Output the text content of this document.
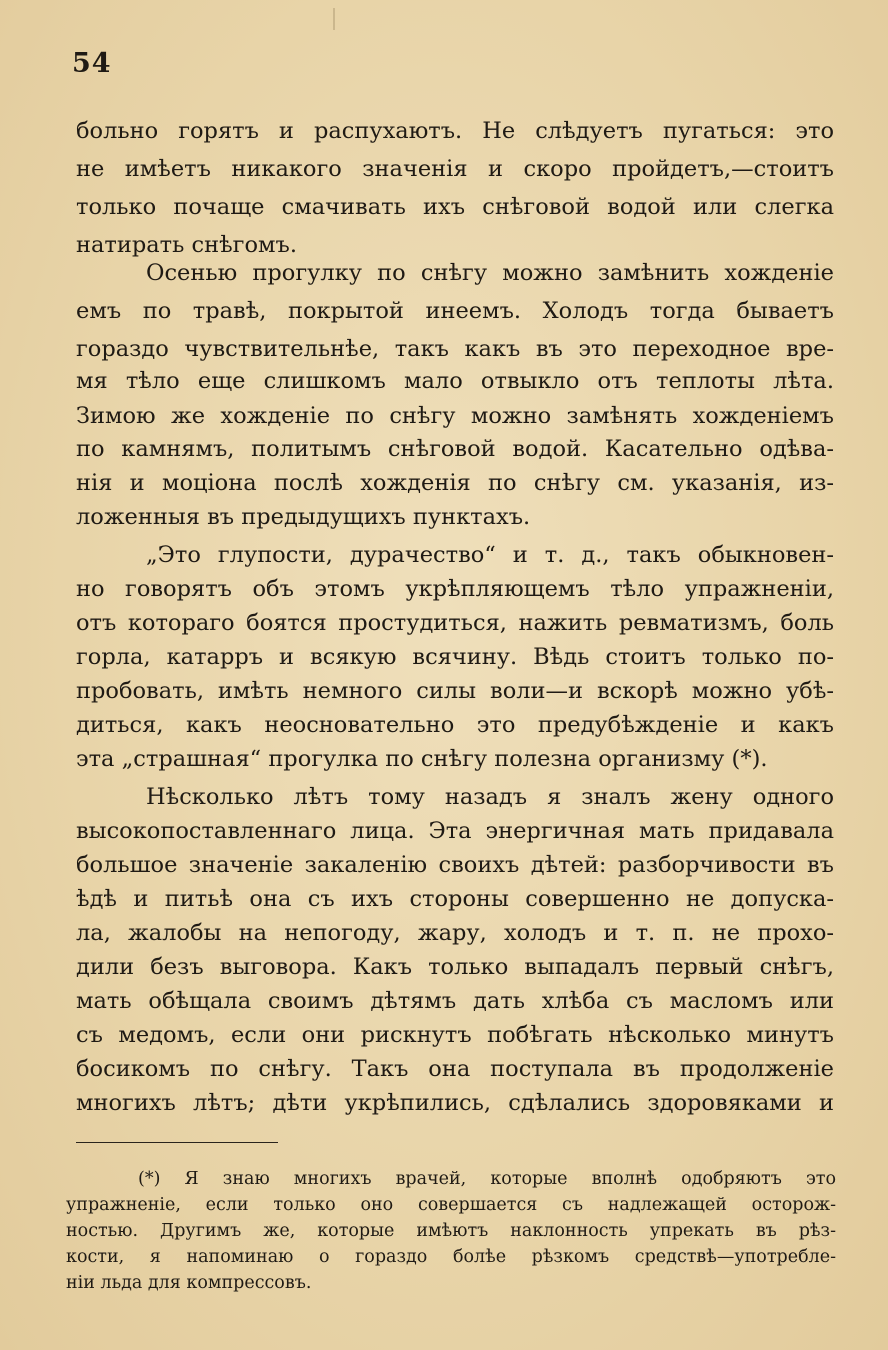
54
больно горятъ и распухаютъ. Не слѣдуетъ пугаться: это
не имѣетъ никакого значенія и скоро пройдетъ,—стоитъ
только почаще смачивать ихъ снѣговой водой или слегка
натирать снѣгомъ.
Осенью прогулку по снѣгу можно замѣнить хожденіе
емъ по травѣ, покрытой инеемъ. Холодъ тогда бываетъ
гораздо чувствительнѣе, такъ какъ въ это переходное вре-
мя тѣло еще слишкомъ мало отвыкло отъ теплоты лѣта.
Зимою же хожденіе по снѣгу можно замѣнять хожденіемъ
по камнямъ, политымъ снѣговой водой. Касательно одѣва-
нія и моціона послѣ хожденія по снѣгу см. указанія, из-
ложенныя въ предыдущихъ пунктахъ.
„Это глупости, дурачество“ и т. д., такъ обыкновен-
но говорятъ объ этомъ укрѣпляющемъ тѣло упражненіи,
отъ котораго боятся простудиться, нажить ревматизмъ, боль
горла, катарръ и всякую всячину. Вѣдь стоитъ только по-
пробовать, имѣть немного силы воли—и вскорѣ можно убѣ-
диться, какъ неосновательно это предубѣжденіе и какъ
эта „страшная“ прогулка по снѣгу полезна организму (*).
Нѣсколько лѣтъ тому назадъ я зналъ жену одного
высокопоставленнаго лица. Эта энергичная мать придавала
большое значеніе закаленію своихъ дѣтей: разборчивости въ
ѣдѣ и питьѣ она съ ихъ стороны совершенно не допуска-
ла, жалобы на непогоду, жару, холодъ и т. п. не прохо-
дили безъ выговора. Какъ только выпадалъ первый снѣгъ,
мать обѣщала своимъ дѣтямъ дать хлѣба съ масломъ или
съ медомъ, если они рискнутъ побѣгать нѣсколько минутъ
босикомъ по снѣгу. Такъ она поступала въ продолженіе
многихъ лѣтъ; дѣти укрѣпились, сдѣлались здоровяками и
(*) Я знаю многихъ врачей, которые вполнѣ одобряютъ это
упражненіе, если только оно совершается съ надлежащей осторож-
ностью. Другимъ же, которые имѣютъ наклонность упрекать въ рѣз-
кости, я напоминаю о гораздо болѣе рѣзкомъ средствѣ—употребле-
ніи льда для компрессовъ.
